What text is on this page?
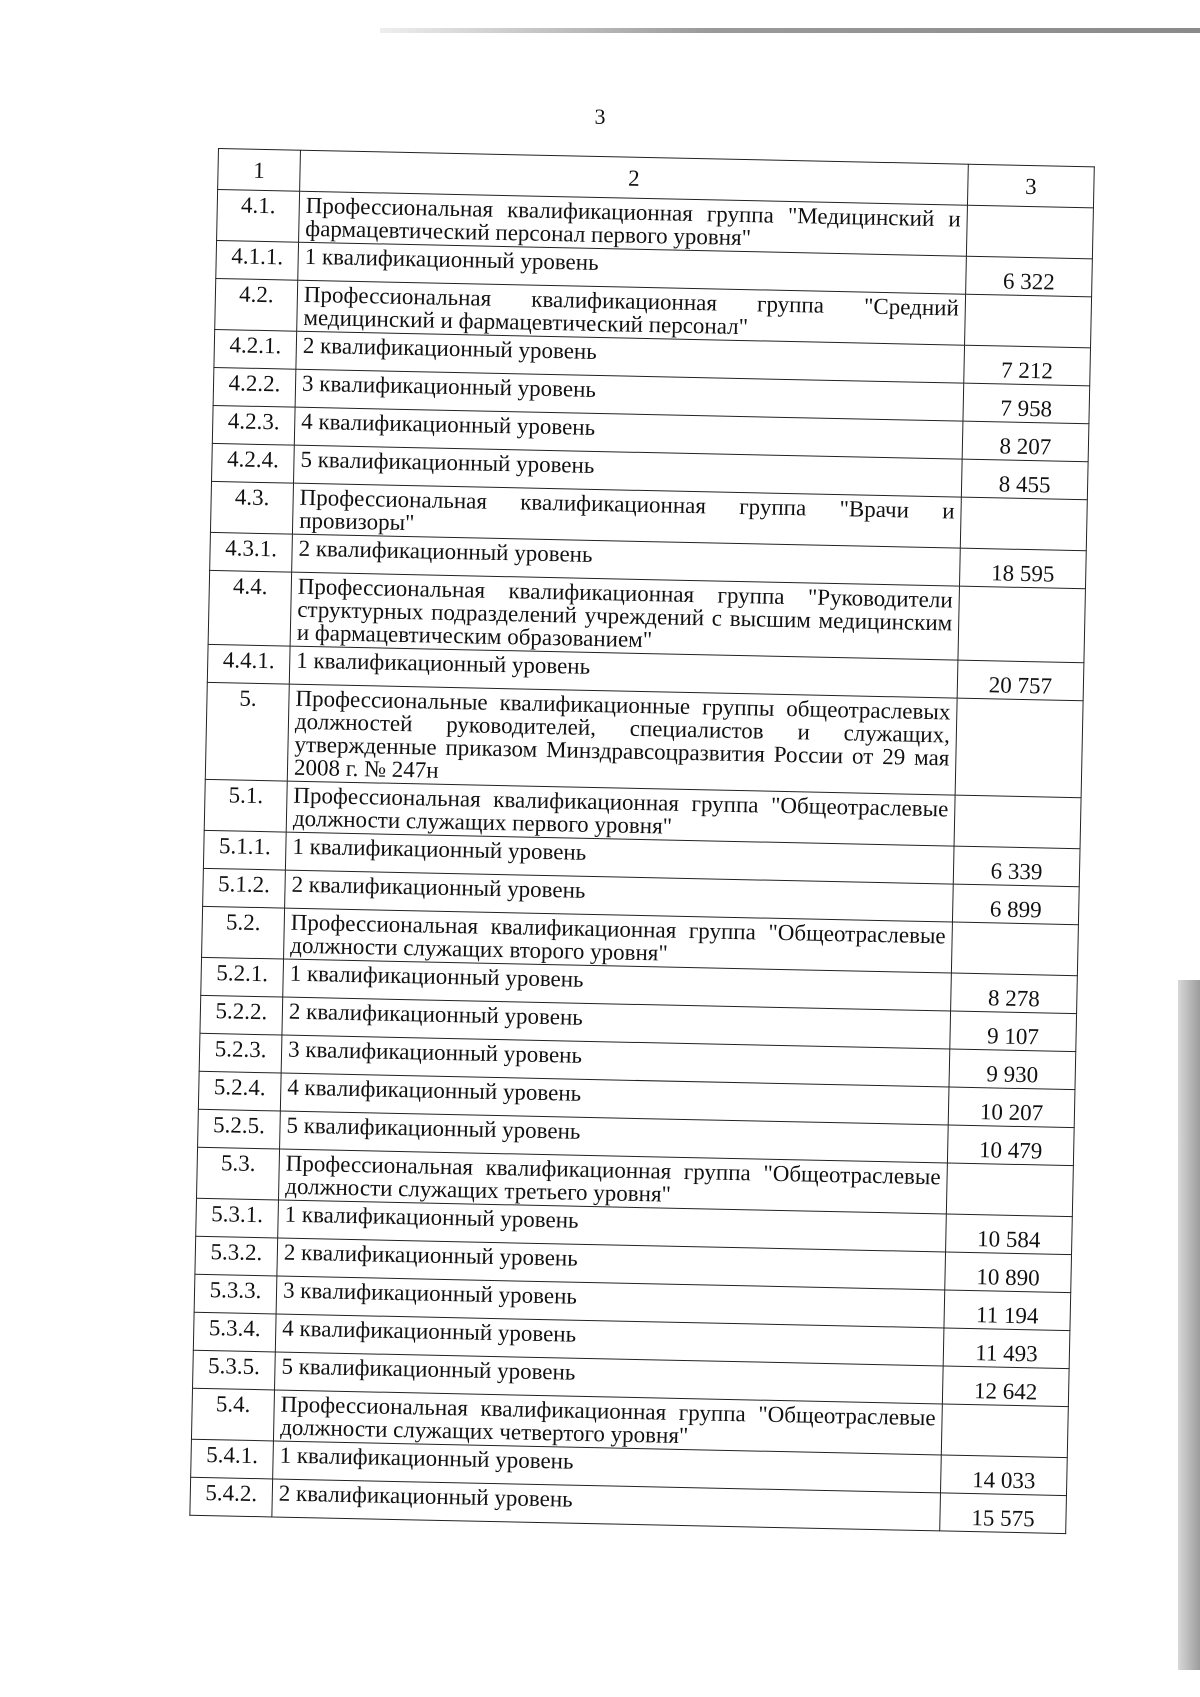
3
1	2	3
4.1.	Профессиональная квалификационная группа "Медицинский и фармацевтический персонал первого уровня"	
4.1.1.	1 квалификационный уровень	6 322
4.2.	Профессиональная квалификационная группа "Средний медицинский и фармацевтический персонал"	
4.2.1.	2 квалификационный уровень	7 212
4.2.2.	3 квалификационный уровень	7 958
4.2.3.	4 квалификационный уровень	8 207
4.2.4.	5 квалификационный уровень	8 455
4.3.	Профессиональная квалификационная группа "Врачи и провизоры"	
4.3.1.	2 квалификационный уровень	18 595
4.4.	Профессиональная квалификационная группа "Руководители структурных подразделений учреждений с высшим медицинским и фармацевтическим образованием"	
4.4.1.	1 квалификационный уровень	20 757
5.	Профессиональные квалификационные группы общеотраслевых должностей руководителей, специалистов и служащих, утвержденные приказом Минздравсоцразвития России от 29 мая 2008 г. № 247н	
5.1.	Профессиональная квалификационная группа "Общеотраслевые должности служащих первого уровня"	
5.1.1.	1 квалификационный уровень	6 339
5.1.2.	2 квалификационный уровень	6 899
5.2.	Профессиональная квалификационная группа "Общеотраслевые должности служащих второго уровня"	
5.2.1.	1 квалификационный уровень	8 278
5.2.2.	2 квалификационный уровень	9 107
5.2.3.	3 квалификационный уровень	9 930
5.2.4.	4 квалификационный уровень	10 207
5.2.5.	5 квалификационный уровень	10 479
5.3.	Профессиональная квалификационная группа "Общеотраслевые должности служащих третьего уровня"	
5.3.1.	1 квалификационный уровень	10 584
5.3.2.	2 квалификационный уровень	10 890
5.3.3.	3 квалификационный уровень	11 194
5.3.4.	4 квалификационный уровень	11 493
5.3.5.	5 квалификационный уровень	12 642
5.4.	Профессиональная квалификационная группа "Общеотраслевые должности служащих четвертого уровня"	
5.4.1.	1 квалификационный уровень	14 033
5.4.2.	2 квалификационный уровень	15 575
